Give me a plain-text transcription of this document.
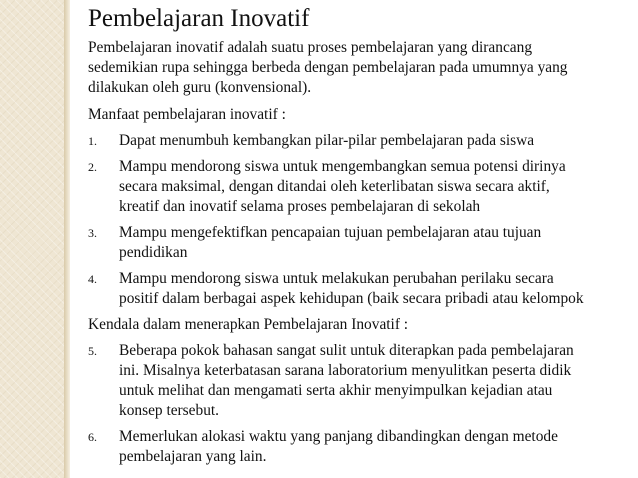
Pembelajaran Inovatif

Pembelajaran inovatif adalah suatu proses pembelajaran yang dirancang
sedemikian rupa sehingga berbeda dengan pembelajaran pada umumnya yang
dilakukan oleh guru (konvensional).

Manfaat pembelajaran inovatif :

1. Dapat menumbuh kembangkan pilar-pilar pembelajaran pada siswa
2. Mampu mendorong siswa untuk mengembangkan semua potensi dirinya
secara maksimal, dengan ditandai oleh keterlibatan siswa secara aktif,
kreatif dan inovatif selama proses pembelajaran di sekolah
3. Mampu mengefektifkan pencapaian tujuan pembelajaran atau tujuan
pendidikan
4. Mampu mendorong siswa untuk melakukan perubahan perilaku secara
positif dalam berbagai aspek kehidupan (baik secara pribadi atau kelompok

Kendala dalam menerapkan Pembelajaran Inovatif :

5. Beberapa pokok bahasan sangat sulit untuk diterapkan pada pembelajaran
ini. Misalnya keterbatasan sarana laboratorium menyulitkan peserta didik
untuk melihat dan mengamati serta akhir menyimpulkan kejadian atau
konsep tersebut.
6. Memerlukan alokasi waktu yang panjang dibandingkan dengan metode
pembelajaran yang lain.
